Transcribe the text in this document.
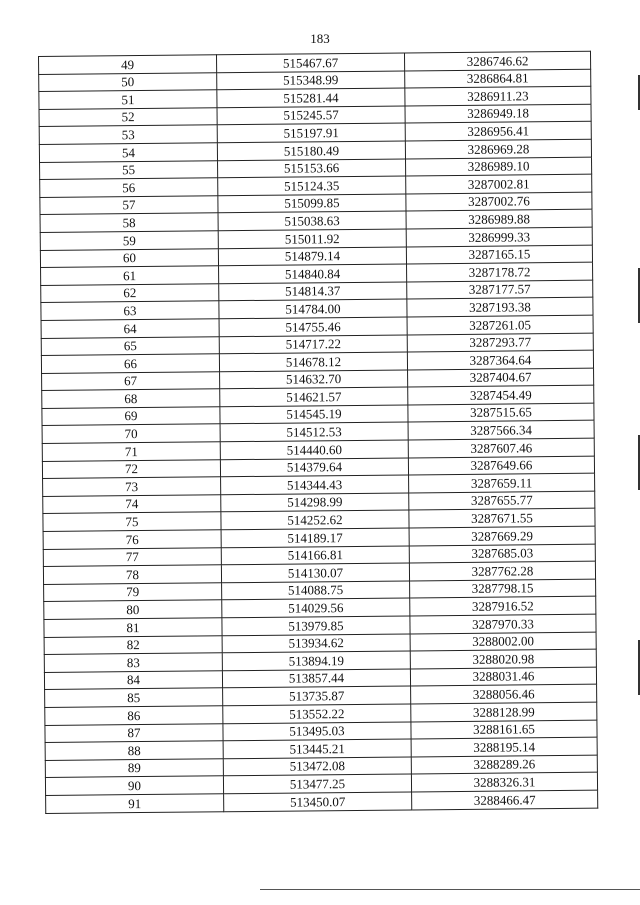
183
49	515467.67	3286746.62
50	515348.99	3286864.81
51	515281.44	3286911.23
52	515245.57	3286949.18
53	515197.91	3286956.41
54	515180.49	3286969.28
55	515153.66	3286989.10
56	515124.35	3287002.81
57	515099.85	3287002.76
58	515038.63	3286989.88
59	515011.92	3286999.33
60	514879.14	3287165.15
61	514840.84	3287178.72
62	514814.37	3287177.57
63	514784.00	3287193.38
64	514755.46	3287261.05
65	514717.22	3287293.77
66	514678.12	3287364.64
67	514632.70	3287404.67
68	514621.57	3287454.49
69	514545.19	3287515.65
70	514512.53	3287566.34
71	514440.60	3287607.46
72	514379.64	3287649.66
73	514344.43	3287659.11
74	514298.99	3287655.77
75	514252.62	3287671.55
76	514189.17	3287669.29
77	514166.81	3287685.03
78	514130.07	3287762.28
79	514088.75	3287798.15
80	514029.56	3287916.52
81	513979.85	3287970.33
82	513934.62	3288002.00
83	513894.19	3288020.98
84	513857.44	3288031.46
85	513735.87	3288056.46
86	513552.22	3288128.99
87	513495.03	3288161.65
88	513445.21	3288195.14
89	513472.08	3288289.26
90	513477.25	3288326.31
91	513450.07	3288466.47
